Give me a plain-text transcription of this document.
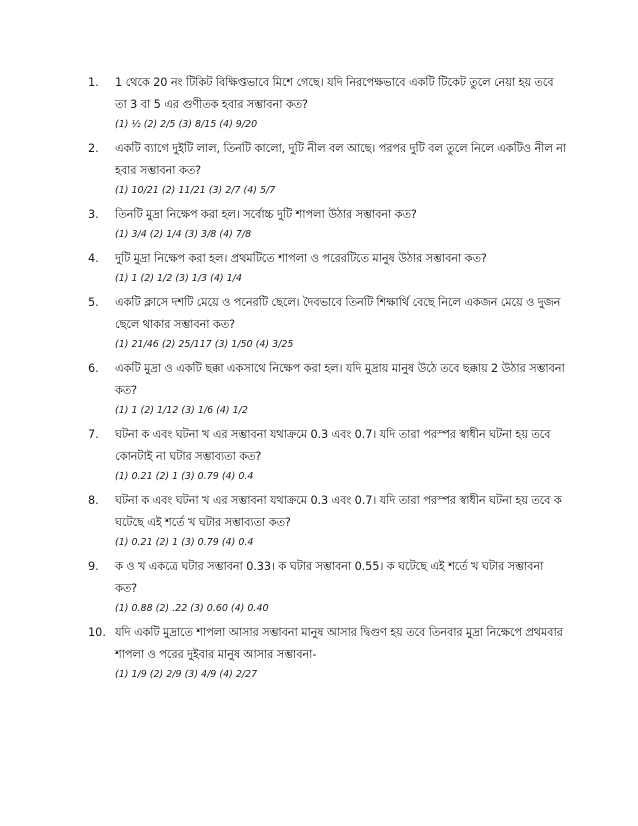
1.	1 থেকে 20 নং টিকিট বিক্ষিপ্তভাবে মিশে গেছে। যদি নিরপেক্ষভাবে একটি টিকেট তুলে নেয়া হয় তবে তা 3 বা 5 এর গুণীতক হবার সম্ভাবনা কত?
(1) ½ (2) 2/5 (3) 8/15 (4) 9/20
2.	একটি ব্যাগে দুইটি লাল, তিনটি কালো, দুটি নীল বল আছে। পরপর দুটি বল তুলে নিলে একটিও নীল না হবার সম্ভাবনা কত?
(1) 10/21 (2) 11/21 (3) 2/7 (4) 5/7
3.	তিনটি মুদ্রা নিক্ষেপ করা হল। সর্বোচ্চ দুটি শাপলা উঠার সম্ভাবনা কত?
(1) 3/4 (2) 1/4 (3) 3/8 (4) 7/8
4.	দুটি মুদ্রা নিক্ষেপ করা হল। প্রথমটিতে শাপলা ও পরেরটিতে মানুষ উঠার সম্ভাবনা কত?
(1) 1 (2) 1/2 (3) 1/3 (4) 1/4
5.	একটি ক্লাসে দশটি মেয়ে ও পনেরটি ছেলে। দৈবভাবে তিনটি শিক্ষার্থি বেছে নিলে একজন মেয়ে ও দুজন ছেলে থাকার সম্ভাবনা কত?
(1) 21/46 (2) 25/117 (3) 1/50 (4) 3/25
6.	একটি মুদ্রা ও একটি ছক্কা একসাথে নিক্ষেপ করা হল। যদি মুদ্রায় মানুষ উঠে তবে ছক্কায় 2 উঠার সম্ভাবনা কত?
(1) 1 (2) 1/12 (3) 1/6 (4) 1/2
7.	ঘটনা ক এবং ঘটনা খ এর সম্ভাবনা যথাক্রমে 0.3 এবং 0.7। যদি তারা পরস্পর স্বাধীন ঘটনা হয় তবে কোনটাই না ঘটার সম্ভাব্যতা কত?
(1) 0.21 (2) 1 (3) 0.79 (4) 0.4
8.	ঘটনা ক এবং ঘটনা খ এর সম্ভাবনা যথাক্রমে 0.3 এবং 0.7। যদি তারা পরস্পর স্বাধীন ঘটনা হয় তবে ক ঘটেছে এই শর্তে খ ঘটার সম্ভাব্যতা কত?
(1) 0.21 (2) 1 (3) 0.79 (4) 0.4
9.	ক ও খ একত্রে ঘটার সম্ভাবনা 0.33। ক ঘটার সম্ভাবনা 0.55। ক ঘটেছে এই শর্তে খ ঘটার সম্ভাবনা কত?
(1) 0.88 (2) .22 (3) 0.60 (4) 0.40
10. যদি একটি মুদ্রাতে শাপলা আসার সম্ভাবনা মানুষ আসার দ্বিগুণ হয় তবে তিনবার মুদ্রা নিক্ষেপে প্রথমবার শাপলা ও পরের দুইবার মানুষ আসার সম্ভাবনা-
(1) 1/9 (2) 2/9 (3) 4/9 (4) 2/27
